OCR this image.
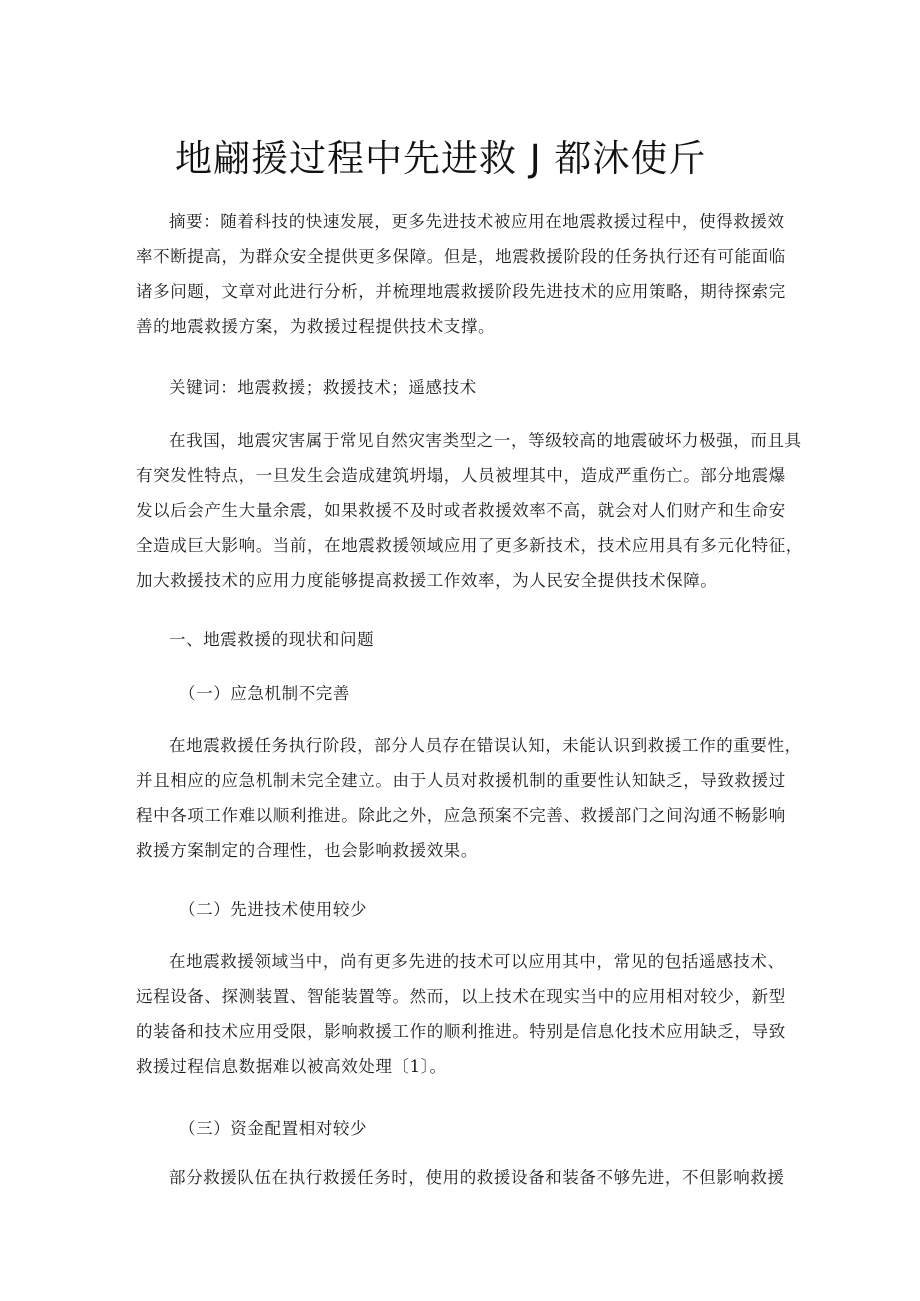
地翩援过程中先进救 J 都沐使斤
摘要：随着科技的快速发展，更多先进技术被应用在地震救援过程中，使得救援效
率不断提高，为群众安全提供更多保障。但是，地震救援阶段的任务执行还有可能面临
诸多问题，文章对此进行分析，并梳理地震救援阶段先进技术的应用策略，期待探索完
善的地震救援方案，为救援过程提供技术支撑。
关键词：地震救援；救援技术；遥感技术
在我国，地震灾害属于常见自然灾害类型之一，等级较高的地震破坏力极强，而且具
有突发性特点，一旦发生会造成建筑坍塌，人员被埋其中，造成严重伤亡。部分地震爆
发以后会产生大量余震，如果救援不及时或者救援效率不高，就会对人们财产和生命安
全造成巨大影响。当前，在地震救援领域应用了更多新技术，技术应用具有多元化特征，
加大救援技术的应用力度能够提高救援工作效率，为人民安全提供技术保障。
一、地震救援的现状和问题
（一）应急机制不完善
在地震救援任务执行阶段，部分人员存在错误认知，未能认识到救援工作的重要性，
并且相应的应急机制未完全建立。由于人员对救援机制的重要性认知缺乏，导致救援过
程中各项工作难以顺利推进。除此之外，应急预案不完善、救援部门之间沟通不畅影响
救援方案制定的合理性，也会影响救援效果。
（二）先进技术使用较少
在地震救援领域当中，尚有更多先进的技术可以应用其中，常见的包括遥感技术、
远程设备、探测装置、智能装置等。然而，以上技术在现实当中的应用相对较少，新型
的装备和技术应用受限，影响救援工作的顺利推进。特别是信息化技术应用缺乏，导致
救援过程信息数据难以被高效处理〔1〕。
（三）资金配置相对较少
部分救援队伍在执行救援任务时，使用的救援设备和装备不够先进，不但影响救援
